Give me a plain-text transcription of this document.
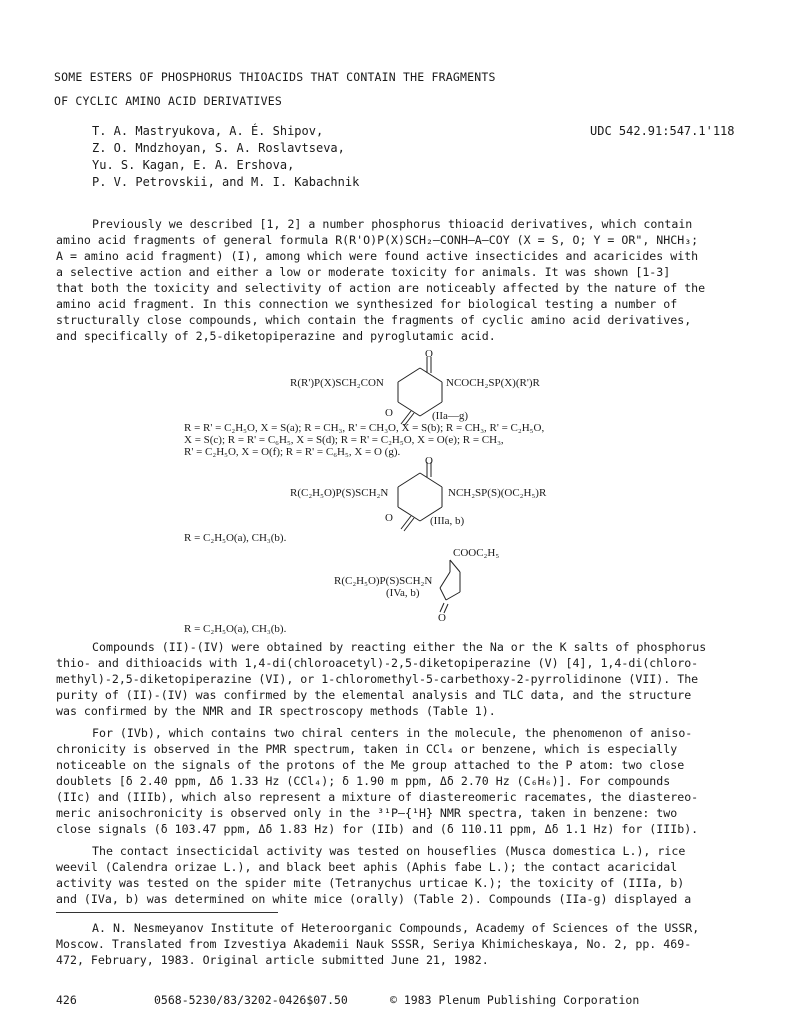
SOME ESTERS OF PHOSPHORUS THIOACIDS THAT CONTAIN THE FRAGMENTS
OF CYCLIC AMINO ACID DERIVATIVES
T. A. Mastryukova, A. É. Shipov,
Z. O. Mndzhoyan, S. A. Roslavtseva,
Yu. S. Kagan, E. A. Ershova,
P. V. Petrovskii, and M. I. Kabachnik
UDC 542.91:547.1'118
Previously we described [1, 2] a number phosphorus thioacid derivatives, which contain
amino acid fragments of general formula R(R'O)P(X)SCH₂—CONH—A—COY (X = S, O; Y = OR", NHCH₃;
A = amino acid fragment) (I), among which were found active insecticides and acaricides with
a selective action and either a low or moderate toxicity for animals. It was shown [1-3]
that both the toxicity and selectivity of action are noticeably affected by the nature of the
amino acid fragment. In this connection we synthesized for biological testing a number of
structurally close compounds, which contain the fragments of cyclic amino acid derivatives,
and specifically of 2,5-diketopiperazine and pyroglutamic acid.
O
R(R')P(X)SCH₂CON	NCOCH₂SP(X)(R')R
O	(IIa—g)
R = R' = C₂H₅O, X = S(a); R = CH₃, R' = CH₃O, X = S(b); R = CH₃, R' = C₂H₅O,
X = S(c); R = R' = C₆H₅, X = S(d); R = R' = C₂H₅O, X = O(e); R = CH₃,
R' = C₂H₅O, X = O(f); R = R' = C₆H₅, X = O (g).
O
R(C₂H₅O)P(S)SCH₂N	NCH₂SP(S)(OC₂H₅)R
O	(IIIa, b)
R = C₂H₅O(a), CH₃(b).
COOC₂H₅
R(C₂H₅O)P(S)SCH₂N
(IVa, b)
O
R = C₂H₅O(a), CH₃(b).
Compounds (II)-(IV) were obtained by reacting either the Na or the K salts of phosphorus
thio- and dithioacids with 1,4-di(chloroacetyl)-2,5-diketopiperazine (V) [4], 1,4-di(chloro-
methyl)-2,5-diketopiperazine (VI), or 1-chloromethyl-5-carbethoxy-2-pyrrolidinone (VII). The
purity of (II)-(IV) was confirmed by the elemental analysis and TLC data, and the structure
was confirmed by the NMR and IR spectroscopy methods (Table 1).
For (IVb), which contains two chiral centers in the molecule, the phenomenon of aniso-
chronicity is observed in the PMR spectrum, taken in CCl₄ or benzene, which is especially
noticeable on the signals of the protons of the Me group attached to the P atom: two close
doublets [δ 2.40 ppm, Δδ 1.33 Hz (CCl₄); δ 1.90 m ppm, Δδ 2.70 Hz (C₆H₆)]. For compounds
(IIc) and (IIIb), which also represent a mixture of diastereomeric racemates, the diastereo-
meric anisochronicity is observed only in the ³¹P—{¹H} NMR spectra, taken in benzene: two
close signals (δ 103.47 ppm, Δδ 1.83 Hz) for (IIb) and (δ 110.11 ppm, Δδ 1.1 Hz) for (IIIb).
The contact insecticidal activity was tested on houseflies (Musca domestica L.), rice
weevil (Calendra orizae L.), and black beet aphis (Aphis fabe L.); the contact acaricidal
activity was tested on the spider mite (Tetranychus urticae K.); the toxicity of (IIIa, b)
and (IVa, b) was determined on white mice (orally) (Table 2). Compounds (IIa-g) displayed a
A. N. Nesmeyanov Institute of Heteroorganic Compounds, Academy of Sciences of the USSR,
Moscow. Translated from Izvestiya Akademii Nauk SSSR, Seriya Khimicheskaya, No. 2, pp. 469-
472, February, 1983. Original article submitted June 21, 1982.
426	0568-5230/83/3202-0426$07.50	© 1983 Plenum Publishing Corporation
